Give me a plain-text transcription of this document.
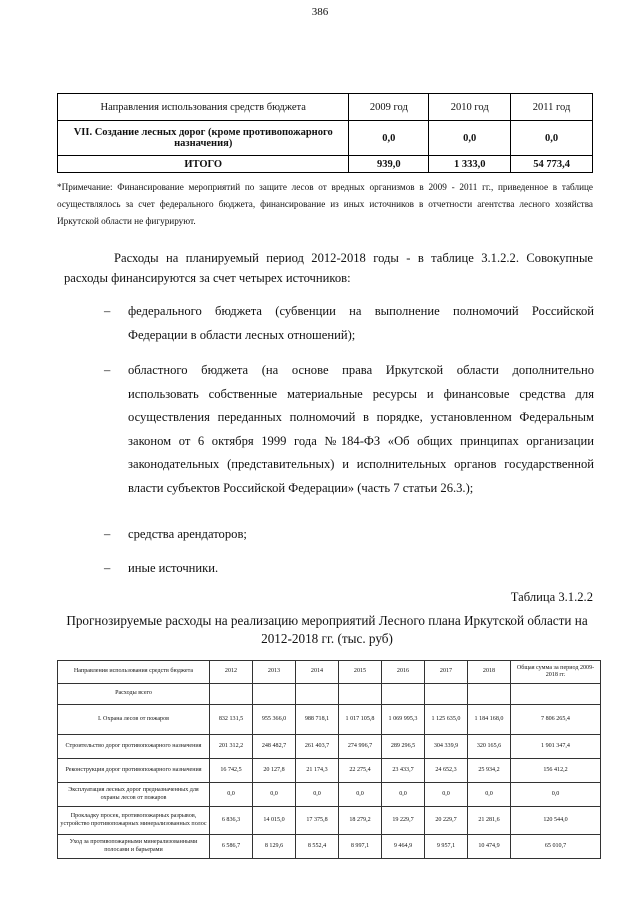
386
Направления использования средств бюджета	2009 год	2010 год	2011 год
VII. Создание лесных дорог (кроме противопожарного назначения)	0,0	0,0	0,0
ИТОГО	939,0	1 333,0	54 773,4
*Примечание: Финансирование мероприятий по защите лесов от вредных организмов в 2009 - 2011 гг., приведенное в таблице осуществлялось за счет федерального бюджета, финансирование из иных источников в отчетности агентства лесного хозяйства Иркутской области не фигурируют.
Расходы на планируемый период 2012-2018 годы - в таблице 3.1.2.2. Совокупные расходы финансируются за счет четырех источников:
– федерального бюджета (субвенции на выполнение полномочий Российской Федерации в области лесных отношений);
– областного бюджета (на основе права Иркутской области дополнительно использовать собственные материальные ресурсы и финансовые средства для осуществления переданных полномочий в порядке, установленном Федеральным законом от 6 октября 1999 года №184-ФЗ «Об общих принципах организации законодательных (представительных) и исполнительных органов государственной власти субъектов Российской Федерации» (часть 7 статьи 26.3.);
– средства арендаторов;
– иные источники.
Таблица 3.1.2.2
Прогнозируемые расходы на реализацию мероприятий Лесного плана Иркутской области на 2012-2018 гг. (тыс. руб)
Направления использования средств бюджета	2012	2013	2014	2015	2016	2017	2018	Общая сумма за период 2009-2018 гг.
Расходы всего								
I. Охрана лесов от пожаров	832 131,5	955 366,0	988 718,1	1 017 105,8	1 069 995,3	1 125 635,0	1 184 168,0	7 806 265,4
Строительство дорог противопожарного назначения	201 312,2	248 482,7	261 403,7	274 996,7	289 296,5	304 339,9	320 165,6	1 901 347,4
Реконструкция дорог противопожарного назначения	16 742,5	20 127,8	21 174,3	22 275,4	23 433,7	24 652,3	25 934,2	156 412,2
Эксплуатация лесных дорог предназначенных для охраны лесов от пожаров	0,0	0,0	0,0	0,0	0,0	0,0	0,0	0,0
Прокладку просек, противопожарных разрывов, устройство противопожарных минерализованных полос	6 836,3	14 015,0	17 375,8	18 279,2	19 229,7	20 229,7	21 281,6	120 544,0
Уход за противопожарными минерализованными полосами и барьерами	6 586,7	8 129,6	8 552,4	8 997,1	9 464,9	9 957,1	10 474,9	65 010,7
